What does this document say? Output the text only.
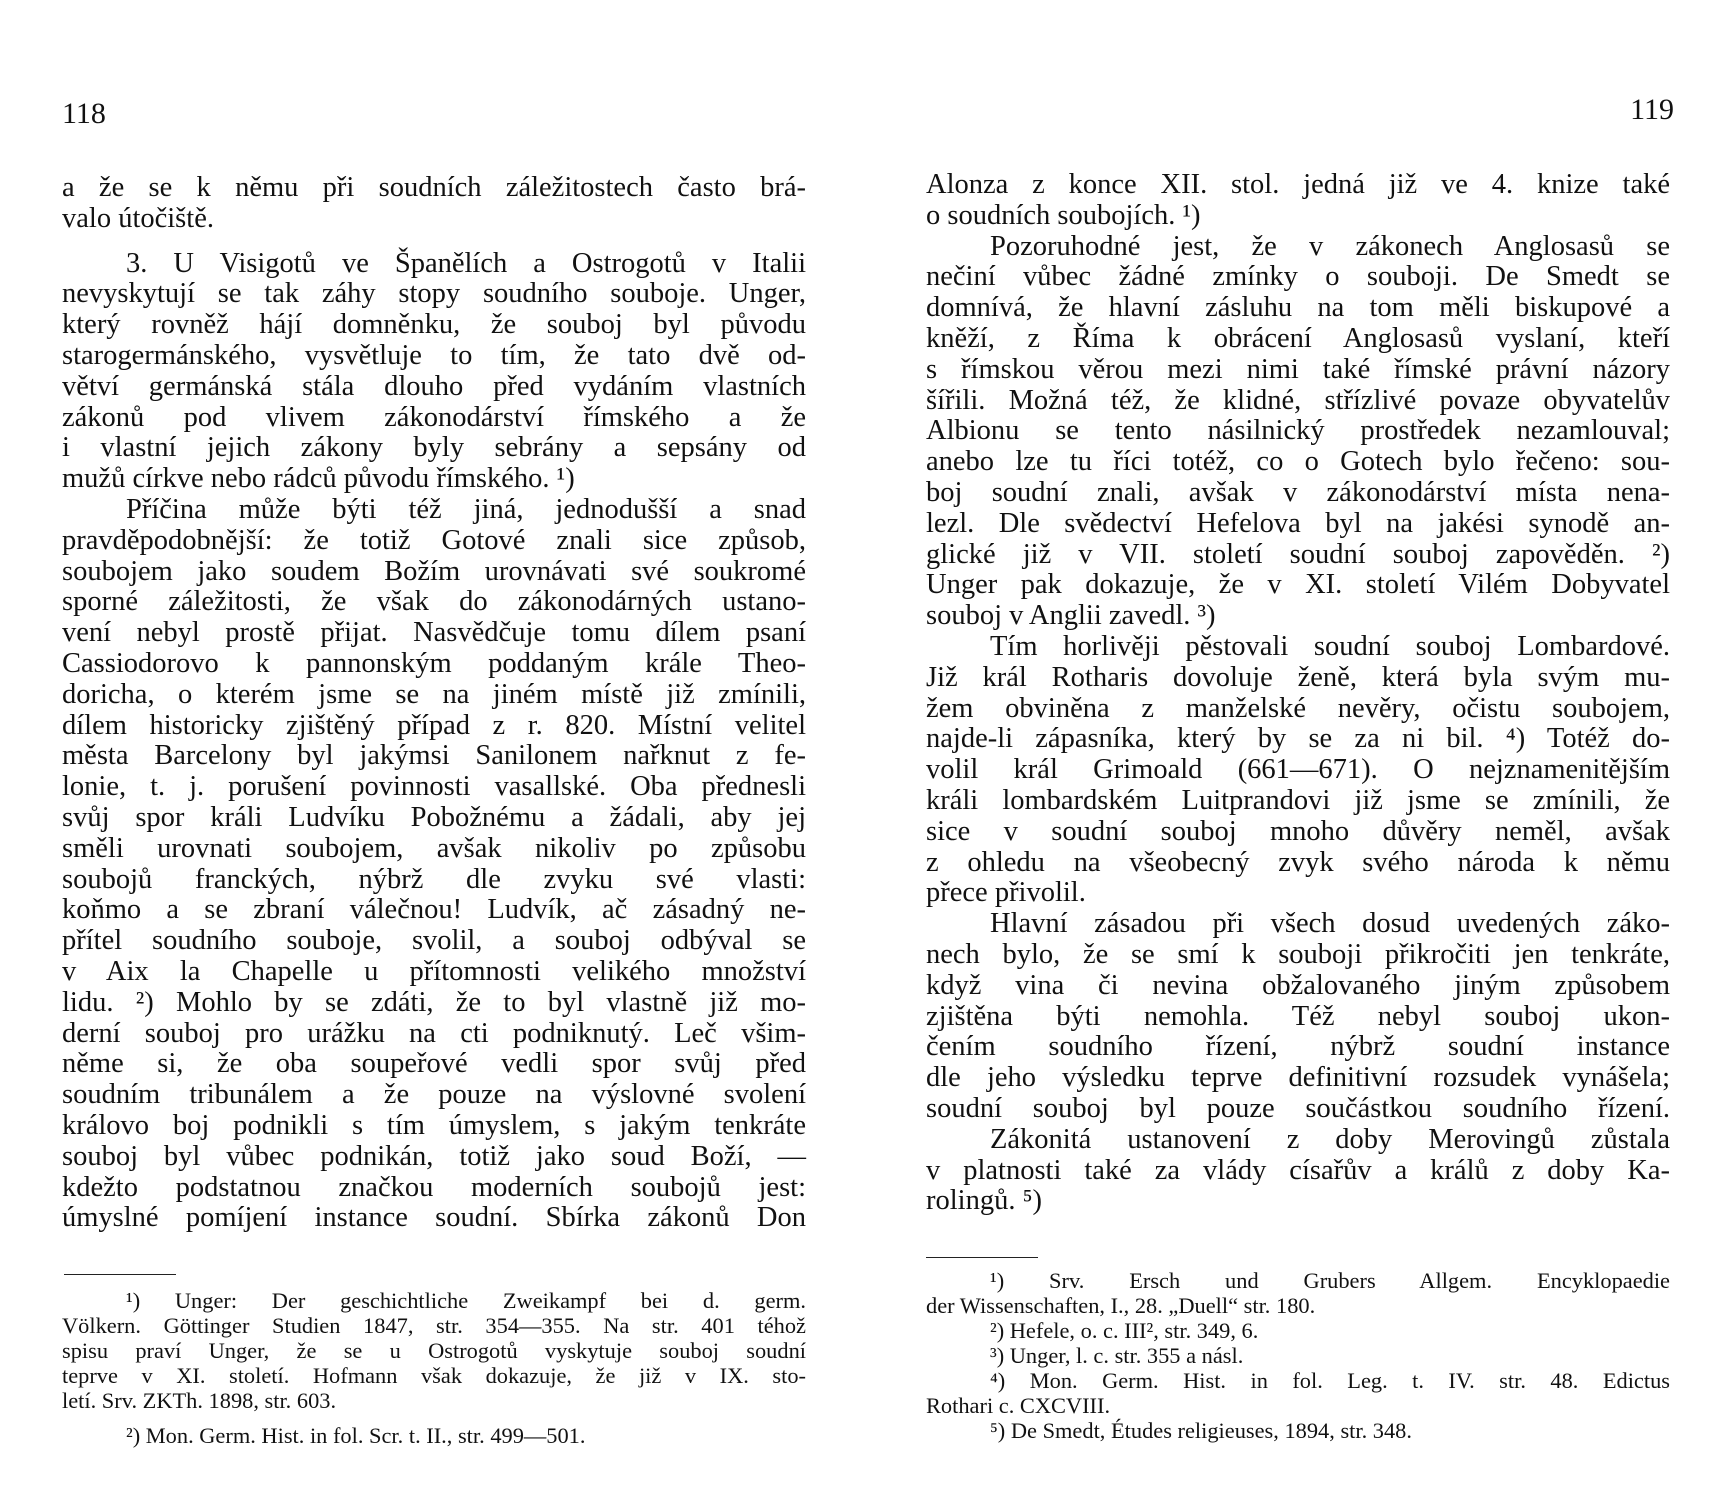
118
a že se k němu při soudních záležitostech často brá-
valo útočiště.
3. U Visigotů ve Španělích a Ostrogotů v Italii
nevyskytují se tak záhy stopy soudního souboje. Unger,
který rovněž hájí domněnku, že souboj byl původu
starogermánského, vysvětluje to tím, že tato dvě od-
větví germánská stála dlouho před vydáním vlastních
zákonů pod vlivem zákonodárství římského a že
i vlastní jejich zákony byly sebrány a sepsány od
mužů církve nebo rádců původu římského. ¹)
Příčina může býti též jiná, jednodušší a snad
pravděpodobnější: že totiž Gotové znali sice způsob,
soubojem jako soudem Božím urovnávati své soukromé
sporné záležitosti, že však do zákonodárných ustano-
vení nebyl prostě přijat. Nasvědčuje tomu dílem psaní
Cassiodorovo k pannonským poddaným krále Theo-
doricha, o kterém jsme se na jiném místě již zmínili,
dílem historicky zjištěný případ z r. 820. Místní velitel
města Barcelony byl jakýmsi Sanilonem nařknut z fe-
lonie, t. j. porušení povinnosti vasallské. Oba přednesli
svůj spor králi Ludvíku Pobožnému a žádali, aby jej
směli urovnati soubojem, avšak nikoliv po způsobu
soubojů franckých, nýbrž dle zvyku své vlasti:
koňmo a se zbraní válečnou! Ludvík, ač zásadný ne-
přítel soudního souboje, svolil, a souboj odbýval se
v Aix la Chapelle u přítomnosti velikého množství
lidu. ²) Mohlo by se zdáti, že to byl vlastně již mo-
derní souboj pro urážku na cti podniknutý. Leč všim-
něme si, že oba soupeřové vedli spor svůj před
soudním tribunálem a že pouze na výslovné svolení
královo boj podnikli s tím úmyslem, s jakým tenkráte
souboj byl vůbec podnikán, totiž jako soud Boží, —
kdežto podstatnou značkou moderních soubojů jest:
úmyslné pomíjení instance soudní. Sbírka zákonů Don
¹) Unger: Der geschichtliche Zweikampf bei d. germ.
Völkern. Göttinger Studien 1847, str. 354—355. Na str. 401 téhož
spisu praví Unger, že se u Ostrogotů vyskytuje souboj soudní
teprve v XI. století. Hofmann však dokazuje, že již v IX. sto-
letí. Srv. ZKTh. 1898, str. 603.
²) Mon. Germ. Hist. in fol. Scr. t. II., str. 499—501.
119
Alonza z konce XII. stol. jedná již ve 4. knize také
o soudních soubojích. ¹)
Pozoruhodné jest, že v zákonech Anglosasů se
nečiní vůbec žádné zmínky o souboji. De Smedt se
domnívá, že hlavní zásluhu na tom měli biskupové a
kněží, z Říma k obrácení Anglosasů vyslaní, kteří
s římskou věrou mezi nimi také římské právní názory
šířili. Možná též, že klidné, střízlivé povaze obyvatelův
Albionu se tento násilnický prostředek nezamlouval;
anebo lze tu říci totéž, co o Gotech bylo řečeno: sou-
boj soudní znali, avšak v zákonodárství místa nena-
lezl. Dle svědectví Hefelova byl na jakési synodě an-
glické již v VII. století soudní souboj zapověděn. ²)
Unger pak dokazuje, že v XI. století Vilém Dobyvatel
souboj v Anglii zavedl. ³)
Tím horlivěji pěstovali soudní souboj Lombardové.
Již král Rotharis dovoluje ženě, která byla svým mu-
žem obviněna z manželské nevěry, očistu soubojem,
najde-li zápasníka, který by se za ni bil. ⁴) Totéž do-
volil král Grimoald (661—671). O nejznamenitějším
králi lombardském Luitprandovi již jsme se zmínili, že
sice v soudní souboj mnoho důvěry neměl, avšak
z ohledu na všeobecný zvyk svého národa k němu
přece přivolil.
Hlavní zásadou při všech dosud uvedených záko-
nech bylo, že se smí k souboji přikročiti jen tenkráte,
když vina či nevina obžalovaného jiným způsobem
zjištěna býti nemohla. Též nebyl souboj ukon-
čením soudního řízení, nýbrž soudní instance
dle jeho výsledku teprve definitivní rozsudek vynášela;
soudní souboj byl pouze součástkou soudního řízení.
Zákonitá ustanovení z doby Merovingů zůstala
v platnosti také za vlády císařův a králů z doby Ka-
rolingů. ⁵)
¹) Srv. Ersch und Grubers Allgem. Encyklopaedie
der Wissenschaften, I., 28. „Duell“ str. 180.
²) Hefele, o. c. III², str. 349, 6.
³) Unger, l. c. str. 355 a násl.
⁴) Mon. Germ. Hist. in fol. Leg. t. IV. str. 48. Edictus
Rothari c. CXCVIII.
⁵) De Smedt, Études religieuses, 1894, str. 348.
